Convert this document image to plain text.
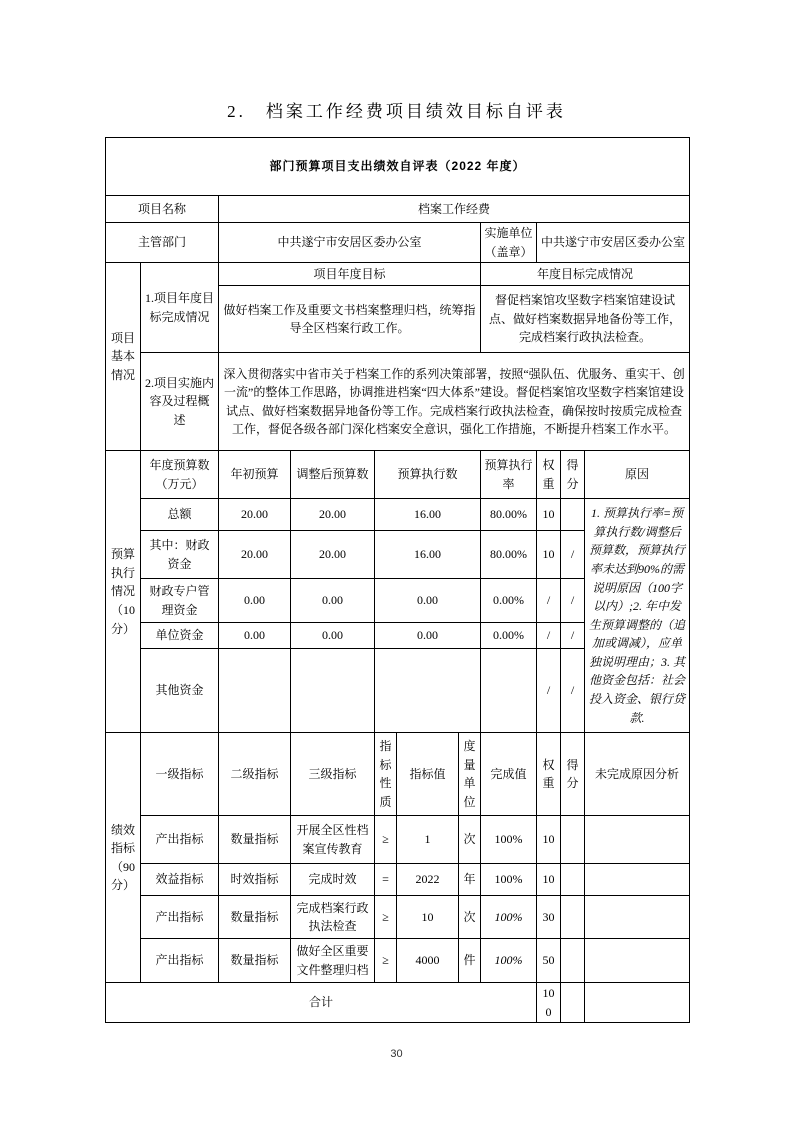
2.　档案工作经费项目绩效目标自评表
部门预算项目支出绩效自评表（2022 年度）										
项目名称		档案工作经费								
主管部门		中共遂宁市安居区委办公室					实施单位（盖章）	中共遂宁市安居区委办公室		
项目基本情况	1.项目年度目标完成情况	项目年度目标					年度目标完成情况			
		做好档案工作及重要文书档案整理归档，统筹指导全区档案行政工作。					督促档案馆攻坚数字档案馆建设试点、做好档案数据异地备份等工作，完成档案行政执法检查。			
	2.项目实施内容及过程概述	深入贯彻落实中省市关于档案工作的系列决策部署，按照“强队伍、优服务、重实干、创一流”的整体工作思路，协调推进档案“四大体系”建设。督促档案馆攻坚数字档案馆建设试点、做好档案数据异地备份等工作。完成档案行政执法检查，确保按时按质完成检查工作，督促各级各部门深化档案安全意识，强化工作措施，不断提升档案工作水平。								
预算执行情况（10分）	年度预算数（万元）	年初预算	调整后预算数	预算执行数			预算执行率	权重	得分	原因
	总额	20.00	20.00	16.00			80.00%	10		1. 预算执行率=预算执行数/调整后预算数，预算执行率未达到90%的需说明原因（100字以内）;2. 年中发生预算调整的（追加或调减），应单独说明理由；3. 其他资金包括：社会投入资金、银行贷款.
	其中：财政资金	20.00	20.00	16.00			80.00%	10	/	
	财政专户管理资金	0.00	0.00	0.00			0.00%	/	/	
	单位资金	0.00	0.00	0.00			0.00%	/	/	
	其他资金							/	/	
绩效指标（90分）	一级指标	二级指标	三级指标	指标性质	指标值	度量单位	完成值	权重	得分	未完成原因分析
	产出指标	数量指标	开展全区性档案宣传教育	≥	1	次	100%	10		
	效益指标	时效指标	完成时效	=	2022	年	100%	10		
	产出指标	数量指标	完成档案行政执法检查	≥	10	次	100%	30		
	产出指标	数量指标	做好全区重要文件整理归档	≥	4000	件	100%	50		
合计								100		
30
